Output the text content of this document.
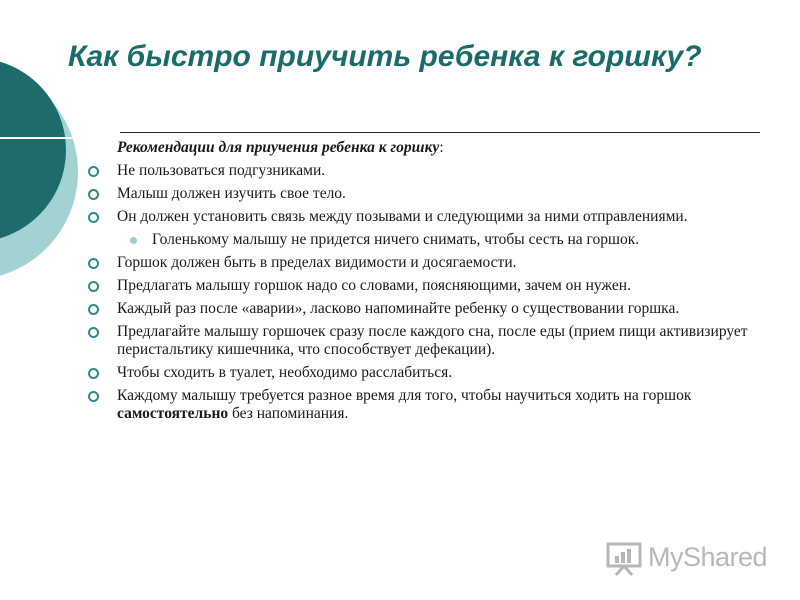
Как быстро приучить ребенка к горшку?
Рекомендации для приучения ребенка к горшку:
Не пользоваться подгузниками.
Малыш должен изучить свое тело.
Он должен установить связь между позывами и следующими за ними отправлениями.
Голенькому малышу не придется ничего снимать, чтобы сесть на горшок.
Горшок должен быть в пределах видимости и досягаемости.
Предлагать малышу горшок надо со словами, поясняющими, зачем он нужен.
Каждый раз после «аварии», ласково напоминайте ребенку о существовании горшка.
Предлагайте малышу горшочек сразу после каждого сна, после еды (прием пищи активизирует перистальтику кишечника, что способствует дефекации).
Чтобы сходить в туалет, необходимо расслабиться.
Каждому малышу требуется разное время для того, чтобы научиться ходить на горшок самостоятельно без напоминания.
MyShared
